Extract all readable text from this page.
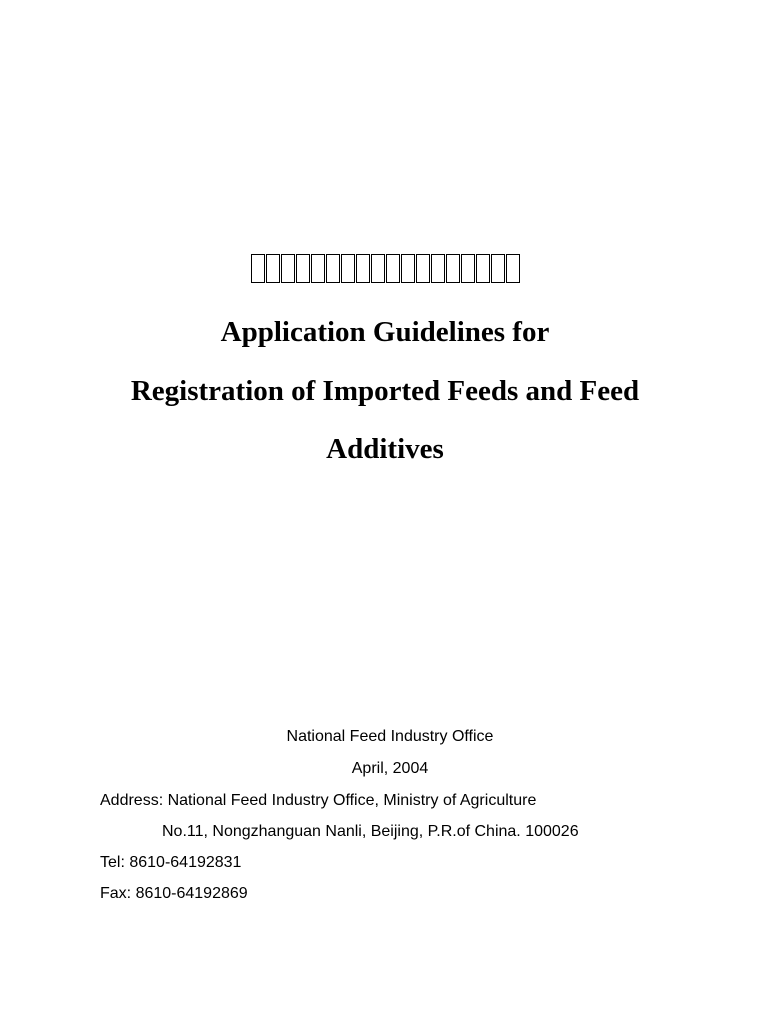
Application Guidelines for
Registration of Imported Feeds and Feed
Additives
National Feed Industry Office
April, 2004
Address: National Feed Industry Office, Ministry of Agriculture
No.11, Nongzhanguan Nanli, Beijing, P.R.of China. 100026
Tel: 8610-64192831
Fax: 8610-64192869
